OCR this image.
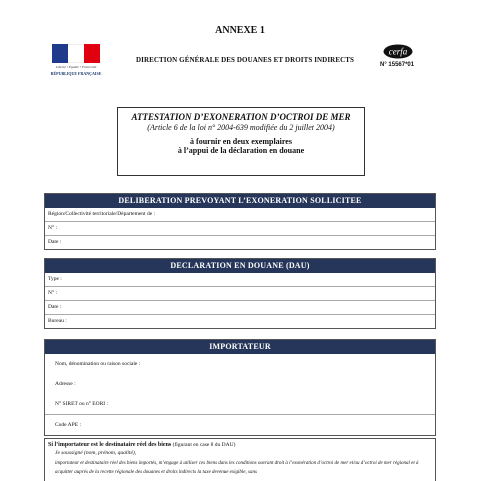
ANNEXE 1
Liberté • Égalité • Fraternité
RÉPUBLIQUE FRANÇAISE
DIRECTION GÉNÉRALE DES DOUANES ET DROITS INDIRECTS
cerfa
N° 15567*01
ATTESTATION D’EXONERATION D’OCTROI DE MER
(Article 6 de la loi n° 2004-639 modifiée du 2 juillet 2004)
à fournir en deux exemplaires
à l’appui de la déclaration en douane
DELIBERATION PREVOYANT L’EXONERATION SOLLICITEE
Région/Collectivité territoriale/Département de :
N° :
Date :
DECLARATION EN DOUANE (DAU)
Type :
N° :
Date :
Bureau :
IMPORTATEUR
Nom, dénomination ou raison sociale :
Adresse :
N° SIRET ou n° EORI :
Code APE :
Si l’importateur est le destinataire réel des biens (figurant en case 8 du DAU)
Je soussigné (nom, prénom, qualité),
importateur et destinataire réel des biens importés, m’engage à utiliser ces biens dans les conditions ouvrant droit à l’exonération d’octroi de mer et/ou d’octroi de mer régional et à acquitter auprès de la recette régionale des douanes et droits indirects la taxe devenue exigible, sans
